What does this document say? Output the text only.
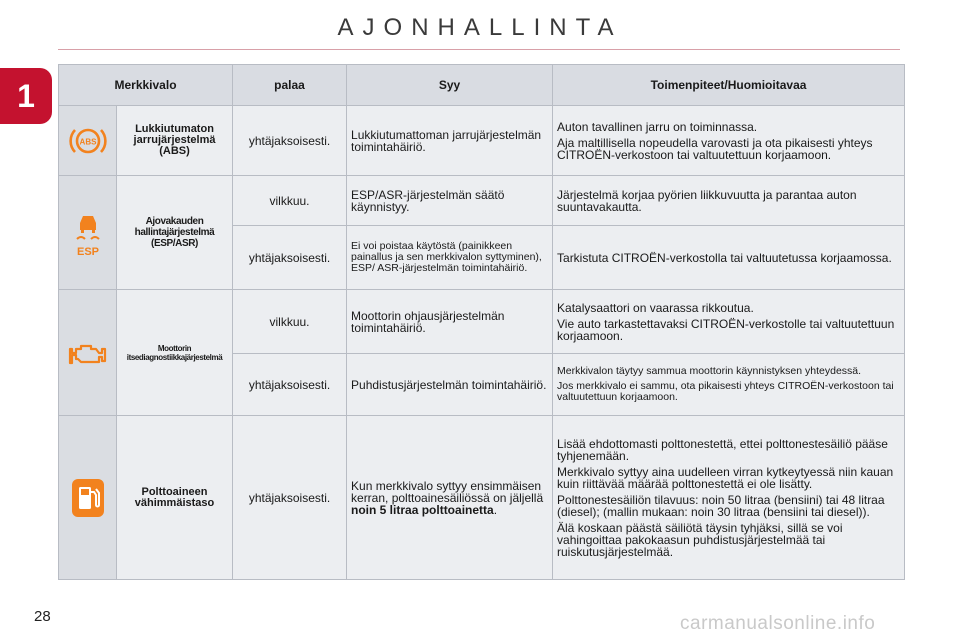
AJONHALLINTA
1	Merkkivalo		palaa	Syy	Toimenpiteet/Huomioitavaa

ABS	Lukkiutumaton jarrujärjestelmä (ABS)	yhtäjaksoisesti.	Lukkiutumattoman jarrujärjestelmän toimintahäiriö.	Auton tavallinen jarru on toiminnassa.

Aja maltillisella nopeudella varovasti ja ota pikaisesti yhteys CITROËN-verkostoon tai valtuutettuun korjaamoon.

ESP	Ajovakauden hallintajärjestelmä (ESP/ASR)	vilkkuu.	ESP/ASR-järjestelmän säätö käynnistyy.	Järjestelmä korjaa pyörien liikkuvuutta ja parantaa auton suuntavakautta.
		yhtäjaksoisesti.	Ei voi poistaa käytöstä (painikkeen painallus ja sen merkkivalon syttyminen), ESP/ ASR-järjestelmän toimintahäiriö.	Tarkistuta CITROËN-verkostolla tai valtuutetussa korjaamossa.
	Moottorin itsediagnostiikkajärjestelmä	vilkkuu.	Moottorin ohjausjärjestelmän toimintahäiriö.	Katalysaattori on vaarassa rikkoutua.

Vie auto tarkastettavaksi CITROËN-verkostolle tai valtuutettuun korjaamoon.

		yhtäjaksoisesti.	Puhdistusjärjestelmän toimintahäiriö.	Merkkivalon täytyy sammua moottorin käynnistyksen yhteydessä.

Jos merkkivalo ei sammu, ota pikaisesti yhteys CITROËN-verkostoon tai valtuutettuun korjaamoon.

	Polttoaineen vähimmäistaso	yhtäjaksoisesti.	Kun merkkivalo syttyy ensimmäisen kerran, polttoainesäiliössä on jäljellä noin 5 litraa polttoainetta.	Lisää ehdottomasti polttonestettä, ettei polttonestesäiliö pääse tyhjenemään.

Merkkivalo syttyy aina uudelleen virran kytkeytyessä niin kauan kuin riittävää määrää polttonestettä ei ole lisätty.

Polttonestesäiliön tilavuus: noin 50 litraa (bensiini) tai 48 litraa (diesel); (mallin mukaan: noin 30 litraa (bensiini tai diesel)).

Älä koskaan päästä säiliötä täysin tyhjäksi, sillä se voi vahingoittaa pakokaasun puhdistusjärjestelmää tai ruiskutusjärjestelmää.

28	carmanualsonline.info
